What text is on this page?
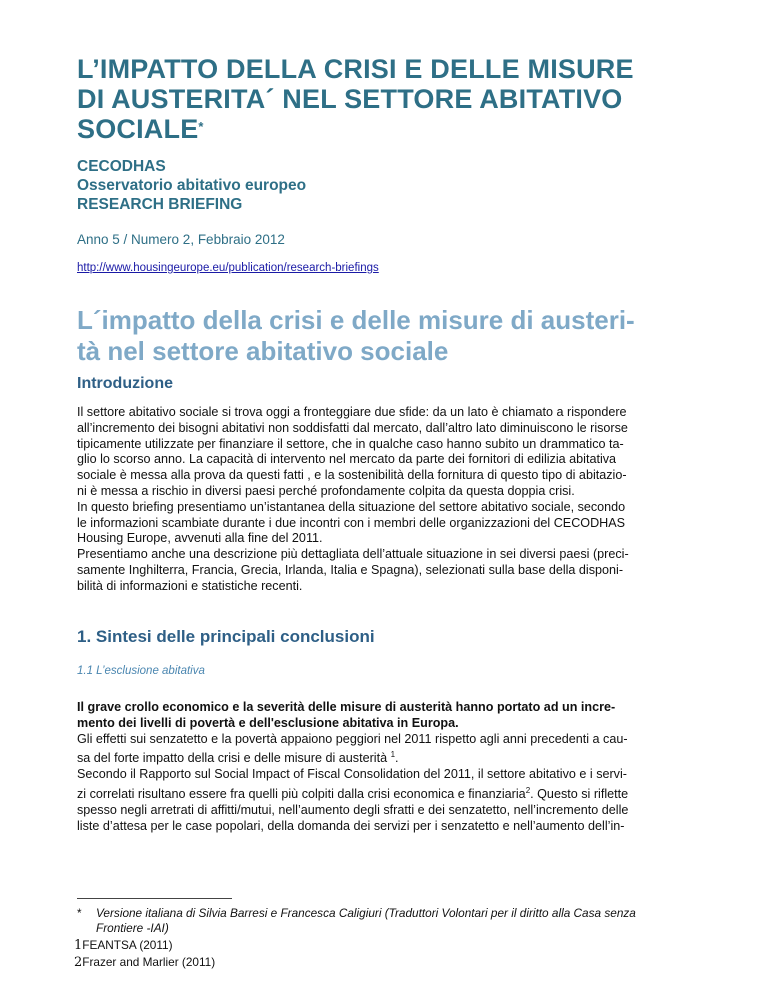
L’IMPATTO DELLA CRISI E DELLE MISURE
DI AUSTERITA´ NEL SETTORE ABITATIVO
SOCIALE*
CECODHAS
Osservatorio abitativo europeo
RESEARCH BRIEFING
Anno 5 / Numero 2, Febbraio 2012
http://www.housingeurope.eu/publication/research-briefings
L´impatto della crisi e delle misure di austeri-
tà nel settore abitativo sociale
Introduzione

Il settore abitativo sociale si trova oggi a fronteggiare due sfide: da un lato è chiamato a rispondere
all’incremento dei bisogni abitativi non soddisfatti dal mercato, dall’altro lato diminuiscono le risorse
tipicamente utilizzate per finanziare il settore, che in qualche caso hanno subito un drammatico ta-
glio lo scorso anno. La capacità di intervento nel mercato da parte dei fornitori di edilizia abitativa
sociale è messa alla prova da questi fatti , e la sostenibilità della fornitura di questo tipo di abitazio-
ni è messa a rischio in diversi paesi perché profondamente colpita da questa doppia crisi.
In questo briefing presentiamo un’istantanea della situazione del settore abitativo sociale, secondo
le informazioni scambiate durante i due incontri con i membri delle organizzazioni del CECODHAS
Housing Europe, avvenuti alla fine del 2011.
Presentiamo anche una descrizione più dettagliata dell’attuale situazione in sei diversi paesi (preci-
samente Inghilterra, Francia, Grecia, Irlanda, Italia e Spagna), selezionati sulla base della disponi-
bilità di informazioni e statistiche recenti.

1. Sintesi delle principali conclusioni
1.1 L’esclusione abitativa

Il grave crollo economico e la severità delle misure di austerità hanno portato ad un incre-
mento dei livelli di povertà e dell'esclusione abitativa in Europa.
Gli effetti sui senzatetto e la povertà appaiono peggiori nel 2011 rispetto agli anni precedenti a cau-
sa del forte impatto della crisi e delle misure di austerità $^1$.
Secondo il Rapporto sul Social Impact of Fiscal Consolidation del 2011, il settore abitativo e i servi-
zi correlati risultano essere fra quelli più colpiti dalla crisi economica e finanziaria$^2$. Questo si riflette
spesso negli arretrati di affitti/mutui, nell’aumento degli sfratti e dei senzatetto, nell’incremento delle
liste d’attesa per le case popolari, della domanda dei servizi per i senzatetto e nell’aumento dell’in-

* Versione italiana di Silvia Barresi e Francesca Caligiuri (Traduttori Volontari per il diritto alla Casa senza
Frontiere -IAI)
1FEANTSA (2011)
2Frazer and Marlier (2011)
